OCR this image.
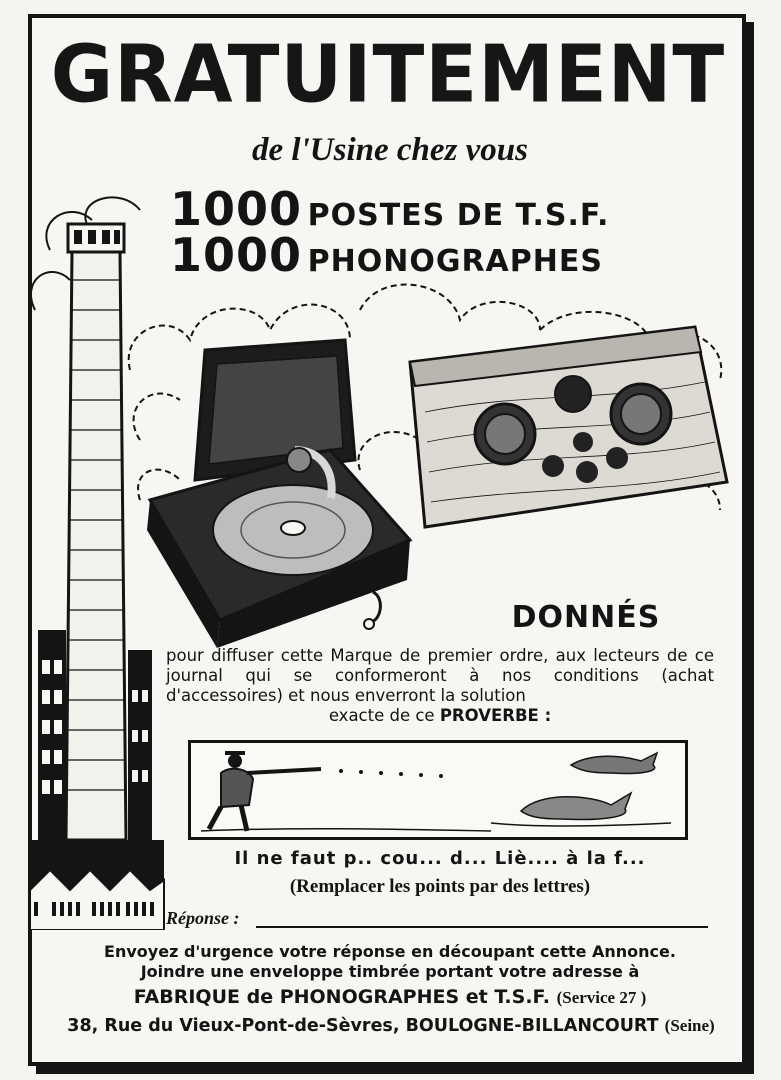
GRATUITEMENT
de l'Usine chez vous
1000 POSTES DE T.S.F.
1000 PHONOGRAPHES
DONNÉS
pour diffuser cette Marque de premier ordre, aux lecteurs de ce journal qui se conformeront à nos conditions (achat d'accessoires) et nous enverront la solution
exacte de ce PROVERBE :
Il ne faut p.. cou... d... Liè.... à la f...
(Remplacer les points par des lettres)
Réponse :
Envoyez d'urgence votre réponse en découpant cette Annonce.
Joindre une enveloppe timbrée portant votre adresse à
FABRIQUE de PHONOGRAPHES et T.S.F. (Service 27 )
38, Rue du Vieux-Pont-de-Sèvres, BOULOGNE-BILLANCOURT (Seine)
